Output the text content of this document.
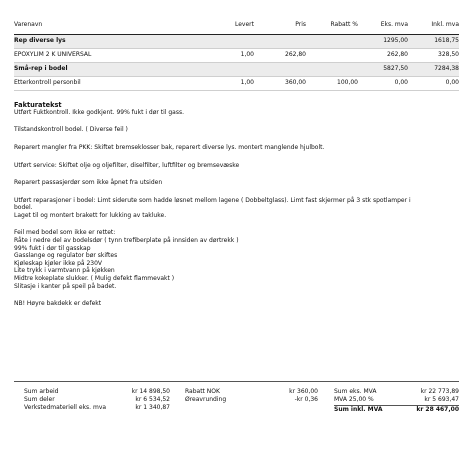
Varenavn	Levert	Pris	Rabatt %	Eks. mva	Inkl. mva
Rep diverse lys				1295,00	1618,75
EPOXYLIM 2 K UNIVERSAL	1,00	262,80		262,80	328,50
Små-rep i bodel				5827,50	7284,38
Etterkontroll personbil	1,00	360,00	100,00	0,00	0,00
Fakturatekst

Utført Fuktkontroll. Ikke godkjent. 99% fukt i dør til gass.

Tilstandskontroll bodel. ( Diverse feil )

Reparert mangler fra PKK: Skiftet bremseklosser bak, reparert diverse lys. montert manglende hjulbolt.

Utført service: Skiftet olje og oljefilter, diselfilter, luftfilter og bremsevæske

Reparert passasjerdør som ikke åpnet fra utsiden

Utført reparasjoner i bodel: Limt siderute som hadde løsnet mellom lagene ( Dobbeltglass). Limt fast skjermer på 3 stk spotlamper i

bodel.

Laget til og montert brakett for lukking av takluke.

Feil med bodel som ikke er rettet:

Råte i nedre del av bodelsdør ( tynn trefiberplate på innsiden av dørtrekk )

99% fukt i dør til gasskap

Gasslange og regulator bør skiftes

Kjøleskap kjøler ikke på 230V

Lite trykk i varmtvann på kjøkken

Midtre kokeplate slukker. ( Mulig defekt flammevakt )

Slitasje i kanter på speil på badet.

NB! Høyre bakdekk er defekt

Sum arbeid	kr 14 898,50
Sum deler	kr 6 534,52
Verkstedmateriell eks. mva	kr 1 340,87
Rabatt NOK	kr 360,00
Øreavrunding	-kr 0,36
Sum eks. MVA	kr 22 773,89
MVA 25,00 %	kr 5 693,47
Sum inkl. MVA	kr 28 467,00
